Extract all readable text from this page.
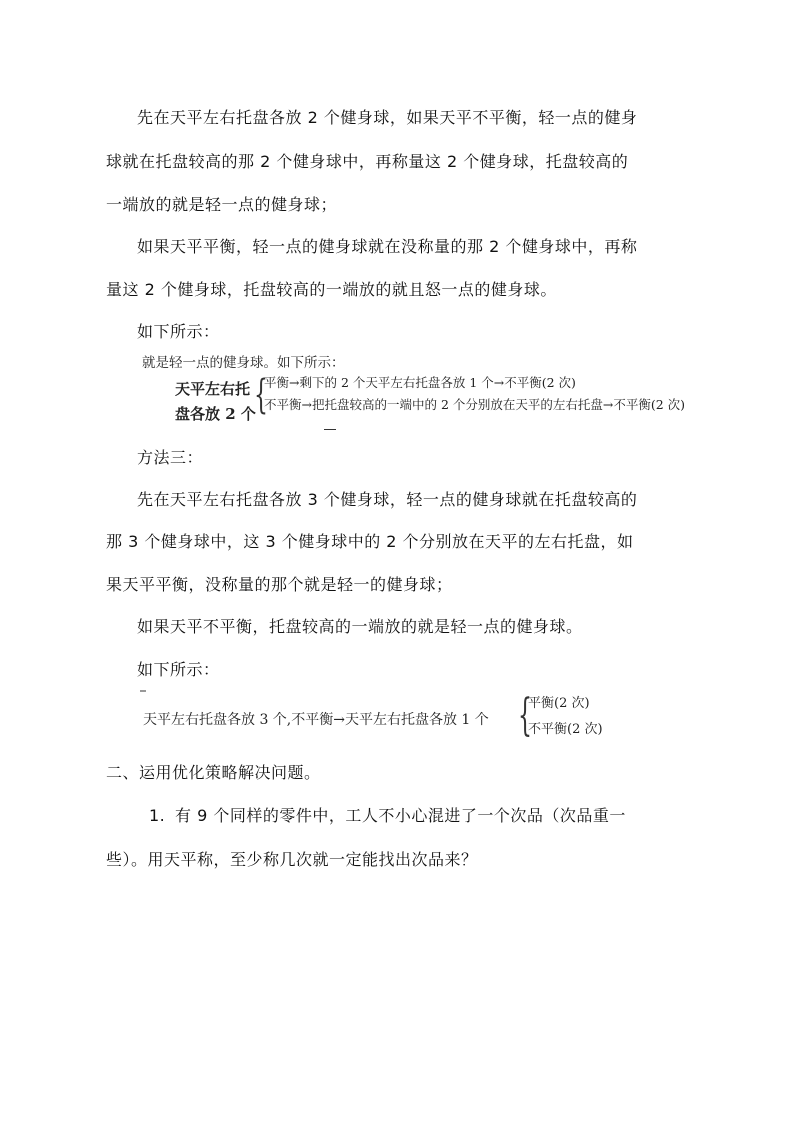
先在天平左右托盘各放 2 个健身球，如果天平不平衡，轻一点的健身
球就在托盘较高的那 2 个健身球中，再称量这 2 个健身球，托盘较高的
一端放的就是轻一点的健身球；
如果天平平衡，轻一点的健身球就在没称量的那 2 个健身球中，再称
量这 2 个健身球，托盘较高的一端放的就且怒一点的健身球。
如下所示：
就是轻一点的健身球。如下所示：
天平左右托
盘各放 2 个
{
平衡→剩下的 2 个天平左右托盘各放 1 个→不平衡(2 次)
不平衡→把托盘较高的一端中的 2 个分别放在天平的左右托盘→不平衡(2 次)
方法三：
先在天平左右托盘各放 3 个健身球，轻一点的健身球就在托盘较高的
那 3 个健身球中，这 3 个健身球中的 2 个分别放在天平的左右托盘，如
果天平平衡，没称量的那个就是轻一的健身球；
如果天平不平衡，托盘较高的一端放的就是轻一点的健身球。
如下所示：
天平左右托盘各放 3 个,不平衡→天平左右托盘各放 1 个 {
平衡(2 次)
不平衡(2 次)
二、运用优化策略解决问题。
1. 有 9 个同样的零件中，工人不小心混进了一个次品（次品重一
些）。用天平称，至少称几次就一定能找出次品来？
